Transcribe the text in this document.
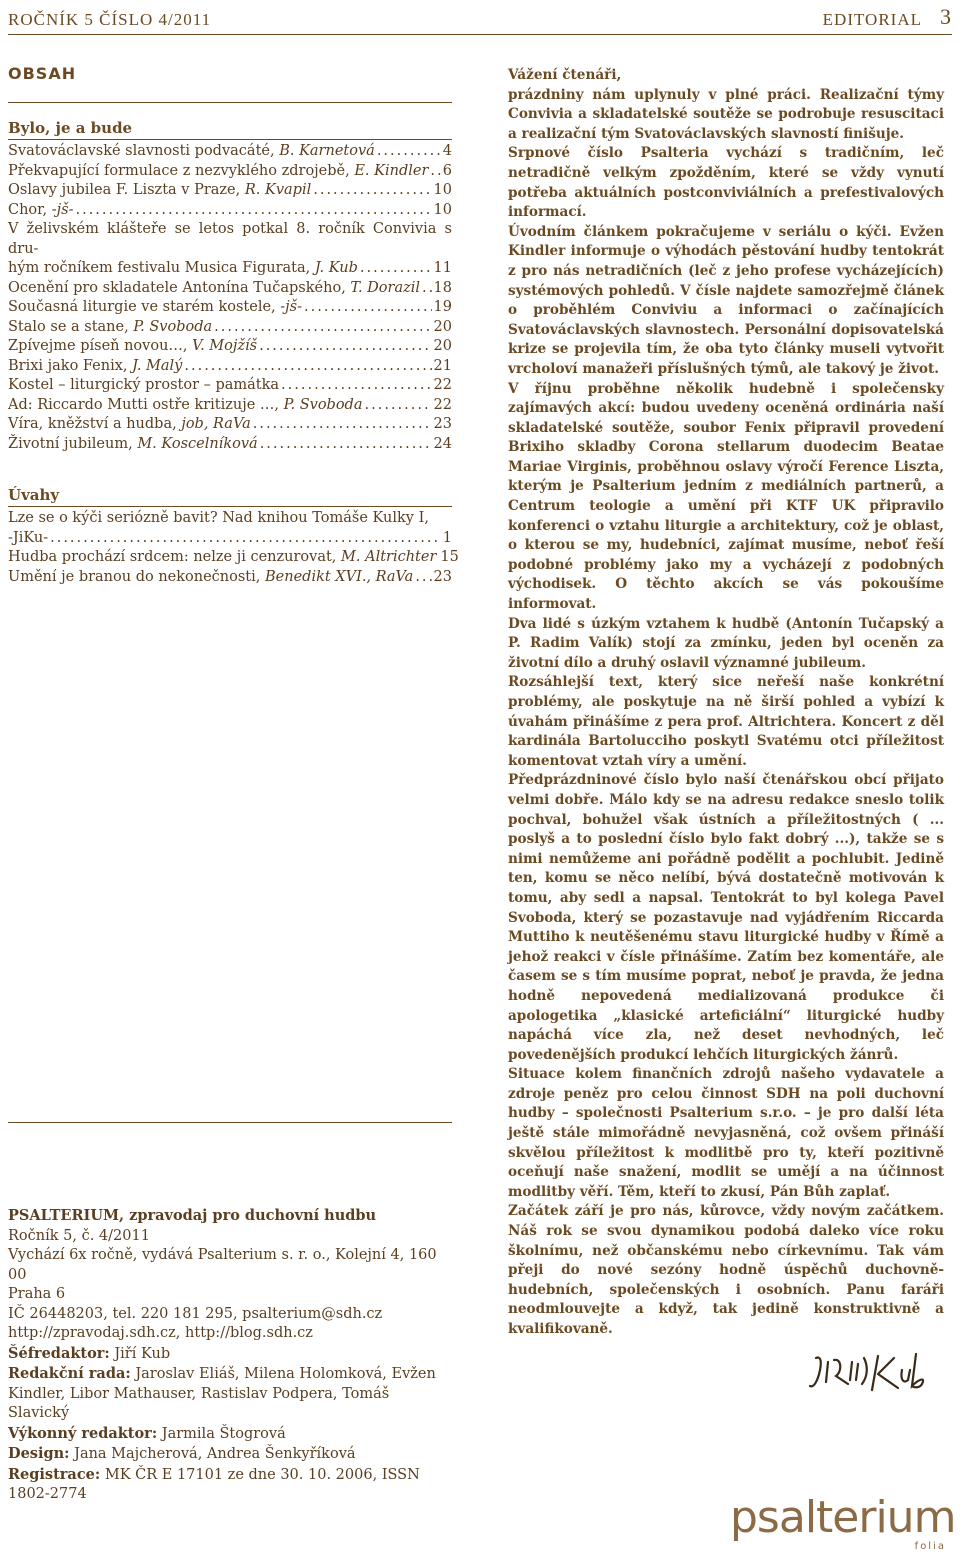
ROČNÍK 5 ČÍSLO 4/2011	EDITORIAL 3
OBSAH
Bylo, je a bude
Svatováclavské slavnosti podvacáté, B. Karnetová .....	4
Překvapující formulace z nezvyklého zdrojebě, E. Kindler ..... 6
Oslavy jubilea F. Liszta v Praze, R. Kvapil .....	10
Chor, -jš- .....	10
V želivském klášteře se letos potkal 8. ročník Convivia s dru-
hým ročníkem festivalu Musica Figurata, J. Kub .....	11
Ocenění pro skladatele Antonína Tučapského, T. Dorazil ..... 18
Současná liturgie ve starém kostele, -jš- .....	19
Stalo se a stane, P. Svoboda .....	20
Zpívejme píseň novou…, V. Mojžíš .....	20
Brixi jako Fenix, J. Malý .....	21
Kostel – liturgický prostor – památka .....	22
Ad: Riccardo Mutti ostře kritizuje …, P. Svoboda .....	22
Víra, kněžství a hudba, job, RaVa .....	23
Životní jubileum, M. Koscelníková .....	24
Úvahy
Lze se o kýči seriózně bavit? Nad knihou Tomáše Kulky I,
-JiKu- .....	1
Hudba prochází srdcem: nelze ji cenzurovat, M. Altrichter 15
Umění je branou do nekonečnosti, Benedikt XVI., RaVa ..... 23
PSALTERIUM, zpravodaj pro duchovní hudbu
Ročník 5, č. 4/2011
Vychází 6x ročně, vydává Psalterium s. r. o., Kolejní 4, 160 00
Praha 6
IČ 26448203, tel. 220 181 295, psalterium@sdh.cz
http://zpravodaj.sdh.cz, http://blog.sdh.cz
Šéfredaktor: Jiří Kub
Redakční rada: Jaroslav Eliáš, Milena Holomková, Evžen Kindler, Libor Mathauser, Rastislav Podpera, Tomáš Slavický
Výkonný redaktor: Jarmila Štogrová
Design: Jana Majcherová, Andrea Šenkyříková
Registrace: MK ČR E 17101 ze dne 30. 10. 2006, ISSN 1802-2774

Vážení čtenáři,

prázdniny nám uplynuly v plné práci. Realizační týmy Convivia a skladatelské soutěže se podrobuje resuscitaci a realizační tým Svatováclavských slavností finišuje.

Srpnové číslo Psalteria vychází s tradičním, leč netradičně velkým zpožděním, které se vždy vynutí potřeba aktuálních postconviviálních a prefestivalových informací.

Úvodním článkem pokračujeme v seriálu o kýči. Evžen Kindler informuje o výhodách pěstování hudby tentokrát z pro nás netradičních (leč z jeho profese vycházejících) systémových pohledů. V čísle najdete samozřejmě článek o proběhlém Conviviu a informaci o začínajících Svatováclavských slavnostech. Personální dopisovatelská krize se projevila tím, že oba tyto články museli vytvořit vrcholoví manažeři příslušných týmů, ale takový je život.

V říjnu proběhne několik hudebně i společensky zajímavých akcí: budou uvedeny oceněná ordinária naší skladatelské soutěže, soubor Fenix připravil provedení Brixiho skladby Corona stellarum duodecim Beatae Mariae Virginis, proběhnou oslavy výročí Ference Liszta, kterým je Psalterium jedním z mediálních partnerů, a Centrum teologie a umění při KTF UK připravilo konferenci o vztahu liturgie a architektury, což je oblast, o kterou se my, hudebníci, zajímat musíme, neboť řeší podobné problémy jako my a vycházejí z podobných východisek. O těchto akcích se vás pokoušíme informovat.

Dva lidé s úzkým vztahem k hudbě (Antonín Tučapský a P. Radim Valík) stojí za zmínku, jeden byl oceněn za životní dílo a druhý oslavil významné jubileum.

Rozsáhlejší text, který sice neřeší naše konkrétní problémy, ale poskytuje na ně širší pohled a vybízí k úvahám přinášíme z pera prof. Altrichtera. Koncert z děl kardinála Bartolucciho poskytl Svatému otci příležitost komentovat vztah víry a umění.

Předprázdninové číslo bylo naší čtenářskou obcí přijato velmi dobře. Málo kdy se na adresu redakce sneslo tolik pochval, bohužel však ústních a příležitostných ( ... poslyš a to poslední číslo bylo fakt dobrý ...), takže se s nimi nemůžeme ani pořádně podělit a pochlubit. Jedině ten, komu se něco nelíbí, bývá dostatečně motivován k tomu, aby sedl a napsal. Tentokrát to byl kolega Pavel Svoboda, který se pozastavuje nad vyjádřením Riccarda Muttiho k neutěšenému stavu liturgické hudby v Římě a jehož reakci v čísle přinášíme. Zatím bez komentáře, ale časem se s tím musíme poprat, neboť je pravda, že jedna hodně nepovedená medializovaná produkce či apologetika „klasické arteficiální“ liturgické hudby napáchá více zla, než deset nevhodných, leč povedenějších produkcí lehčích liturgických žánrů.

Situace kolem finančních zdrojů našeho vydavatele a zdroje peněz pro celou činnost SDH na poli duchovní hudby – společnosti Psalterium s.r.o. – je pro další léta ještě stále mimořádně nevyjasněná, což ovšem přináší skvělou příležitost k modlitbě pro ty, kteří pozitivně oceňují naše snažení, modlit se umějí a na účinnost modlitby věří. Těm, kteří to zkusí, Pán Bůh zaplať.

Začátek září je pro nás, kůrovce, vždy novým začátkem. Náš rok se svou dynamikou podobá daleko více roku školnímu, než občanskému nebo církevnímu. Tak vám přeji do nové sezóny hodně úspěchů duchovně-hudebních, společenských i osobních. Panu faráři neodmlouvejte a když, tak jedině konstruktivně a kvalifikovaně.

psalterium
folia
